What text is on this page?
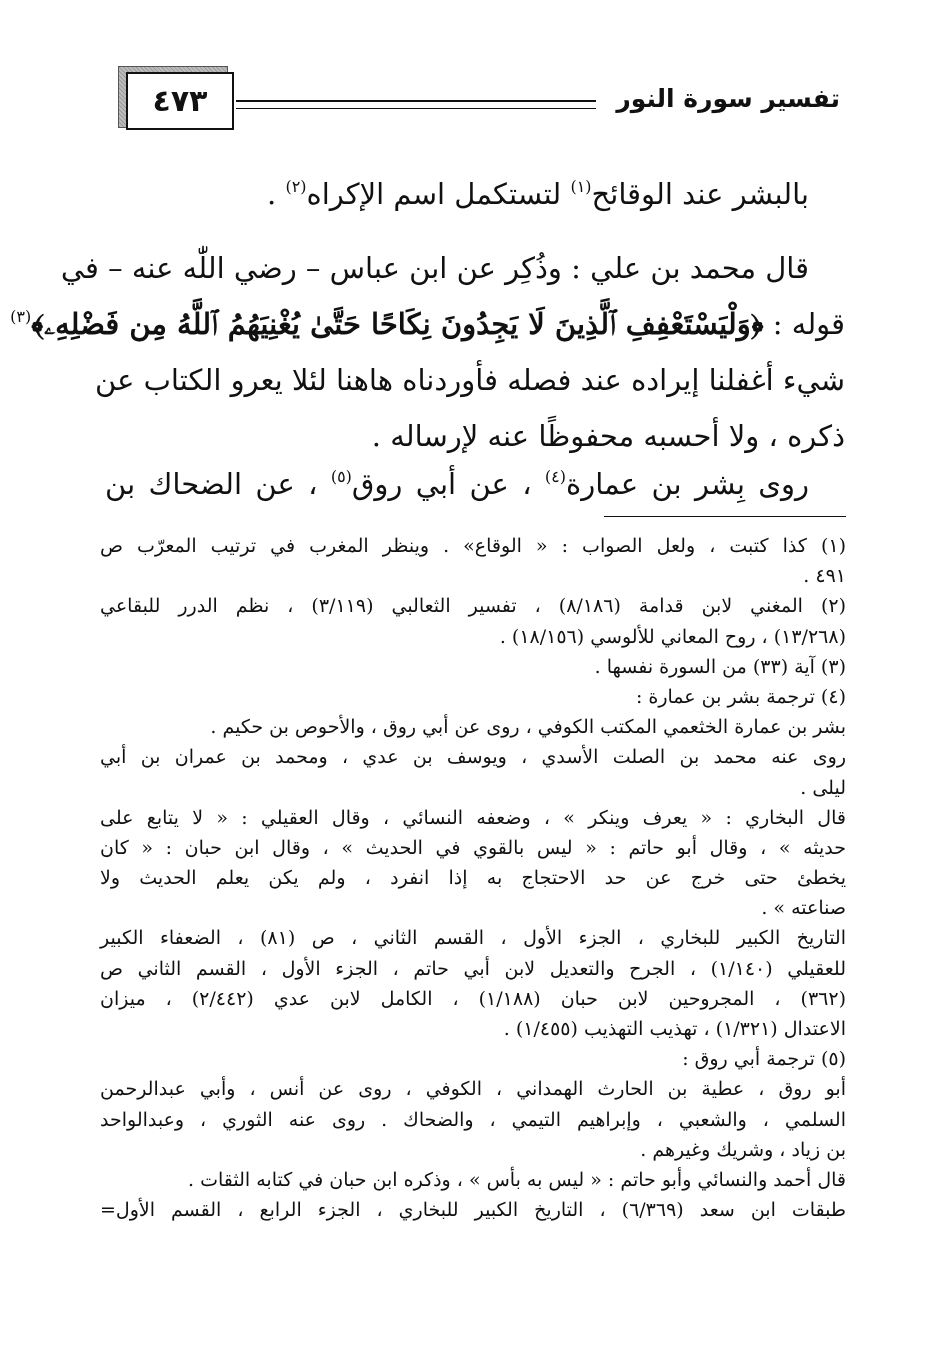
٤٧٣	تفسير سورة النور
بالبشر عند الوقائح$^{(١)}$ لتستكمل اسم الإكراه$^{(٢)}$ .
قال محمد بن علي : وذُكِر عن ابن عباس – رضي اللّٰه عنه – في
قوله : ﴿وَلْيَسْتَعْفِفِ ٱلَّذِينَ لَا يَجِدُونَ نِكَاحًا حَتَّىٰ يُغْنِيَهُمُ ٱللَّهُ مِن فَضْلِهِۦ﴾$^{(٣)}$
شيء أغفلنا إيراده عند فصله فأوردناه هاهنا لئلا يعرو الكتاب عن
ذكره ، ولا أحسبه محفوظًا عنه لإرساله .
روى بِشر بن عمارة$^{(٤)}$ ، عن أبي روق$^{(٥)}$ ، عن الضحاك بن
(١) كذا كتبت ، ولعل الصواب : « الوقاع» . وينظر المغرب في ترتيب المعرّب ص
٤٩١ .
(٢) المغني لابن قدامة (٨/١٨٦) ، تفسير الثعالبي (٣/١١٩) ، نظم الدرر للبقاعي
(١٣/٢٦٨) ، روح المعاني للألوسي (١٨/١٥٦) .
(٣) آية (٣٣) من السورة نفسها .
(٤) ترجمة بشر بن عمارة :
بشر بن عمارة الخثعمي المكتب الكوفي ، روى عن أبي روق ، والأحوص بن حكيم .
روى عنه محمد بن الصلت الأسدي ، ويوسف بن عدي ، ومحمد بن عمران بن أبي
ليلى .
قال البخاري : « يعرف وينكر » ، وضعفه النسائي ، وقال العقيلي : « لا يتابع على
حديثه » ، وقال أبو حاتم : « ليس بالقوي في الحديث » ، وقال ابن حبان : « كان
يخطئ حتى خرج عن حد الاحتجاج به إذا انفرد ، ولم يكن يعلم الحديث ولا
صناعته » .
التاريخ الكبير للبخاري ، الجزء الأول ، القسم الثاني ، ص (٨١) ، الضعفاء الكبير
للعقيلي (١/١٤٠) ، الجرح والتعديل لابن أبي حاتم ، الجزء الأول ، القسم الثاني ص
(٣٦٢) ، المجروحين لابن حبان (١/١٨٨) ، الكامل لابن عدي (٢/٤٤٢) ، ميزان
الاعتدال (١/٣٢١) ، تهذيب التهذيب (١/٤٥٥) .
(٥) ترجمة أبي روق :
أبو روق ، عطية بن الحارث الهمداني ، الكوفي ، روى عن أنس ، وأبي عبدالرحمن
السلمي ، والشعبي ، وإبراهيم التيمي ، والضحاك . روى عنه الثوري ، وعبدالواحد
بن زياد ، وشريك وغيرهم .
قال أحمد والنسائي وأبو حاتم : « ليس به بأس » ، وذكره ابن حبان في كتابه الثقات .
طبقات ابن سعد (٦/٣٦٩) ، التاريخ الكبير للبخاري ، الجزء الرابع ، القسم الأول=
